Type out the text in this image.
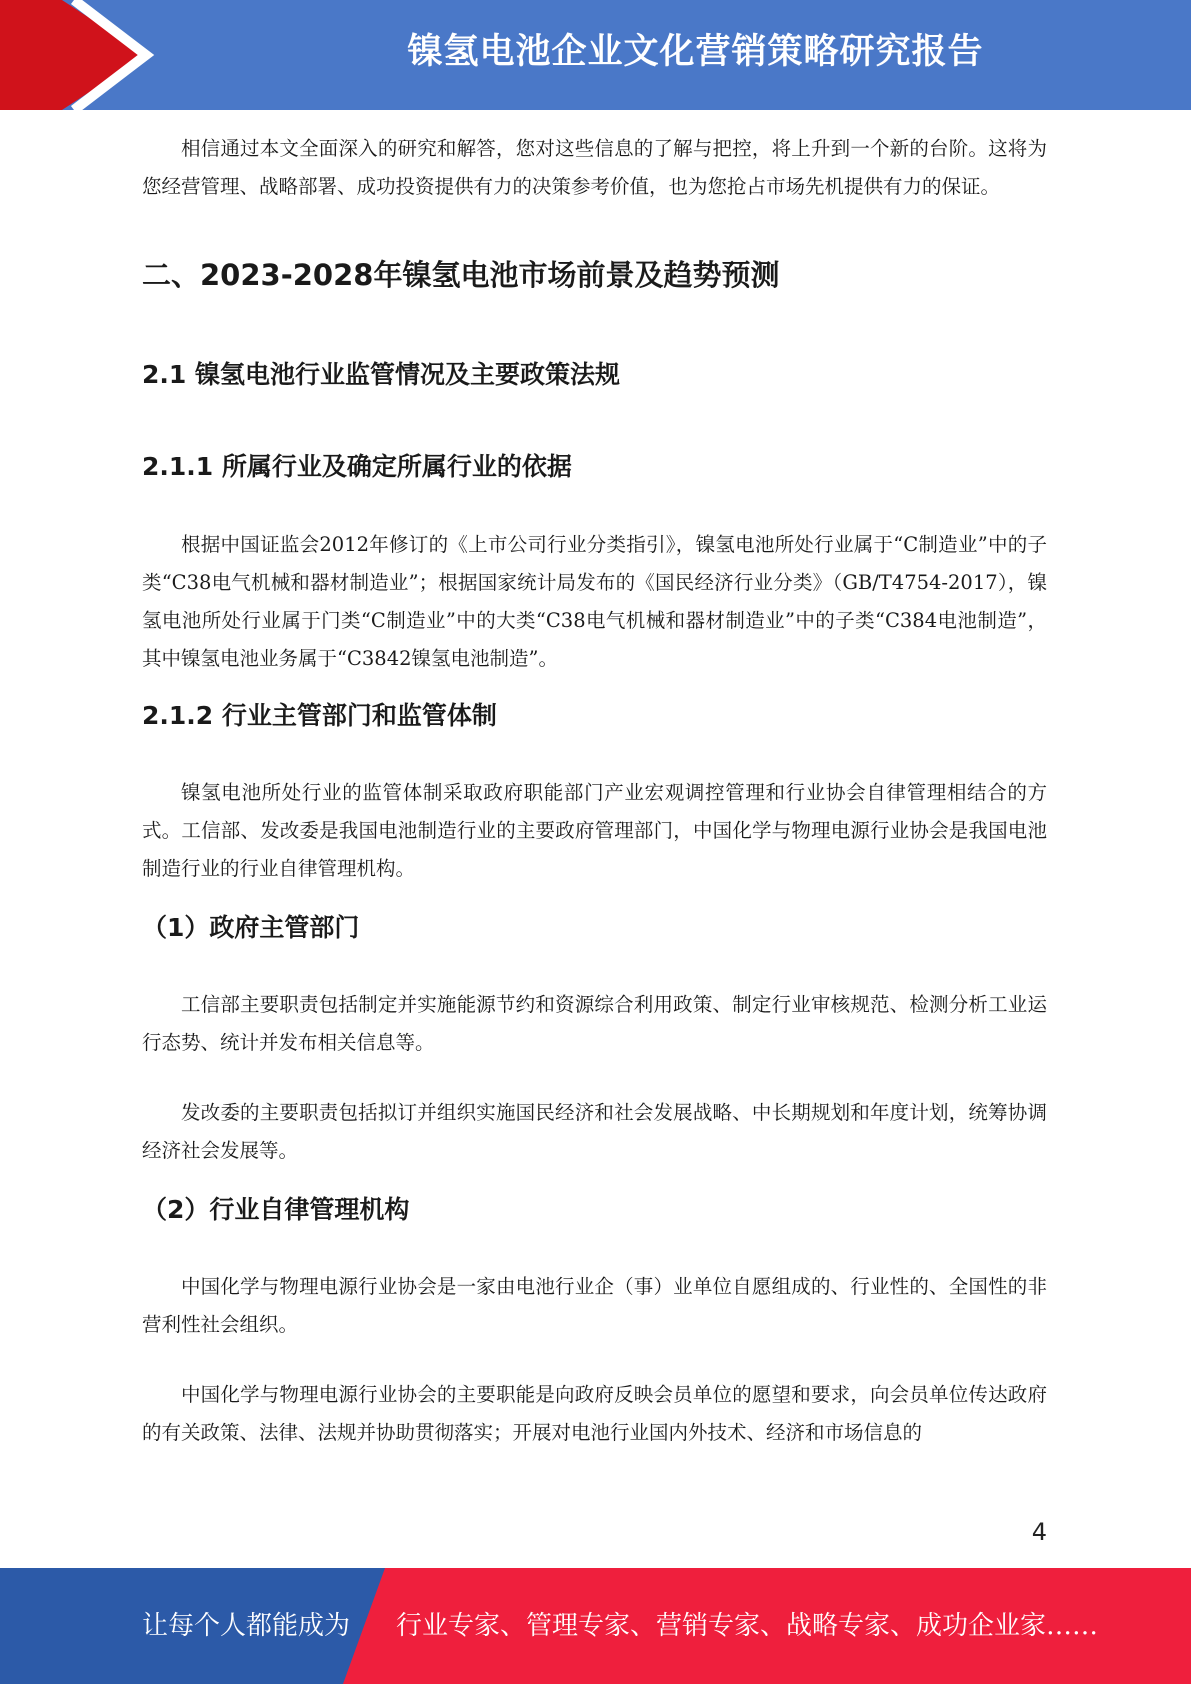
镍氢电池企业文化营销策略研究报告

相信通过本文全面深入的研究和解答，您对这些信息的了解与把控，将上升到一个新的台阶。这将为您经营管理、战略部署、成功投资提供有力的决策参考价值，也为您抢占市场先机提供有力的保证。

二、2023-2028年镍氢电池市场前景及趋势预测
2.1 镍氢电池行业监管情况及主要政策法规
2.1.1 所属行业及确定所属行业的依据

根据中国证监会2012年修订的《上市公司行业分类指引》，镍氢电池所处行业属于“C制造业”中的子类“C38电气机械和器材制造业”；根据国家统计局发布的《国民经济行业分类》（GB/T4754-2017），镍氢电池所处行业属于门类“C制造业”中的大类“C38电气机械和器材制造业”中的子类“C384电池制造”，其中镍氢电池业务属于“C3842镍氢电池制造”。

2.1.2 行业主管部门和监管体制

镍氢电池所处行业的监管体制采取政府职能部门产业宏观调控管理和行业协会自律管理相结合的方式。工信部、发改委是我国电池制造行业的主要政府管理部门，中国化学与物理电源行业协会是我国电池制造行业的行业自律管理机构。

（1）政府主管部门

工信部主要职责包括制定并实施能源节约和资源综合利用政策、制定行业审核规范、检测分析工业运行态势、统计并发布相关信息等。

发改委的主要职责包括拟订并组织实施国民经济和社会发展战略、中长期规划和年度计划，统筹协调经济社会发展等。

（2）行业自律管理机构

中国化学与物理电源行业协会是一家由电池行业企（事）业单位自愿组成的、行业性的、全国性的非营利性社会组织。

中国化学与物理电源行业协会的主要职能是向政府反映会员单位的愿望和要求，向会员单位传达政府的有关政策、法律、法规并协助贯彻落实；开展对电池行业国内外技术、经济和市场信息的

4
让每个人都能成为 行业专家、管理专家、营销专家、战略专家、成功企业家……
